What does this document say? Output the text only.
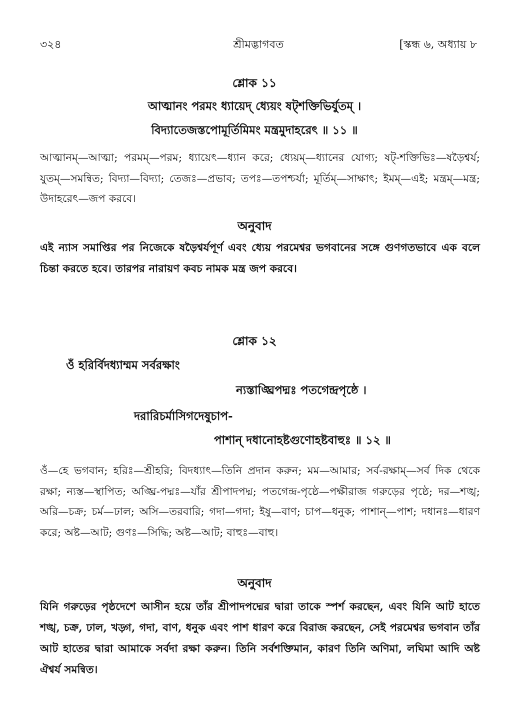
৩২৪	শ্রীমদ্ভাগবত	[স্কন্ধ ৬, অধ্যায় ৮
শ্লোক ১১
আত্মানং পরমং ধ্যায়েদ্ ধ্যেয়ং ষট্‌শক্তিভির্যুতম্ ।
বিদ্যাতেজস্তপোমূর্তিমিমং মন্ত্রমুদাহরেৎ ॥ ১১ ॥
আত্মানম্—আত্মা; পরমম্—পরম; ধ্যায়েৎ—ধ্যান করে; ধ্যেয়ম্—ধ্যানের যোগ্য; ষট্‌-শক্তিভিঃ—ষড়ৈশ্বর্য; যুতম্—সমন্বিত; বিদ্যা—বিদ্যা; তেজঃ—প্রভাব; তপঃ—তপশ্চর্যা; মূর্তিম্—সাক্ষাৎ; ইমম্—এই; মন্ত্রম্—মন্ত্র; উদাহরেৎ—জপ করবে।
অনুবাদ
এই ন্যাস সমাপ্তির পর নিজেকে ষড়ৈশ্বর্যপূর্ণ এবং ধ্যেয় পরমেশ্বর ভগবানের সঙ্গে গুণগতভাবে এক বলে চিন্তা করতে হবে। তারপর নারায়ণ কবচ নামক মন্ত্র জপ করবে।
শ্লোক ১২
ওঁ হরির্বিদধ্যাম্মম সর্বরক্ষাং
ন্যস্তাঙ্ঘ্রিপদ্মঃ পতগেন্দ্রপৃষ্ঠে ।
দরারিচর্মাসিগদেষুচাপ-
পাশান্ দধানোহষ্টগুণোহষ্টবাহুঃ ॥ ১২ ॥
ওঁ—হে ভগবান; হরিঃ—শ্রীহরি; বিদধ্যাৎ—তিনি প্রদান করুন; মম—আমার; সর্ব-রক্ষাম্—সর্ব দিক থেকে রক্ষা; ন্যস্ত—স্থাপিত; অঙ্ঘ্রি-পদ্মঃ—যাঁর শ্রীপাদপদ্ম; পতগেন্দ্র-পৃষ্ঠে—পক্ষীরাজ গরুড়ের পৃষ্ঠে; দর—শঙ্খ; অরি—চক্র; চর্ম—ঢাল; অসি—তরবারি; গদা—গদা; ইষু—বাণ; চাপ—ধনুক; পাশান্—পাশ; দধানঃ—ধারণ করে; অষ্ট—আট; গুণঃ—সিদ্ধি; অষ্ট—আট; বাহুঃ—বাহু।
অনুবাদ
যিনি গরুড়ের পৃষ্ঠদেশে আসীন হয়ে তাঁর শ্রীপাদপদ্মের দ্বারা তাকে স্পর্শ করছেন, এবং যিনি আট হাতে শঙ্খ, চক্র, ঢাল, খড়্গ, গদা, বাণ, ধনুক এবং পাশ ধারণ করে বিরাজ করছেন, সেই পরমেশ্বর ভগবান তাঁর আট হাতের দ্বারা আমাকে সর্বদা রক্ষা করুন। তিনি সর্বশক্তিমান, কারণ তিনি অণিমা, লঘিমা আদি অষ্ট ঐশ্বর্য সমন্বিত।
